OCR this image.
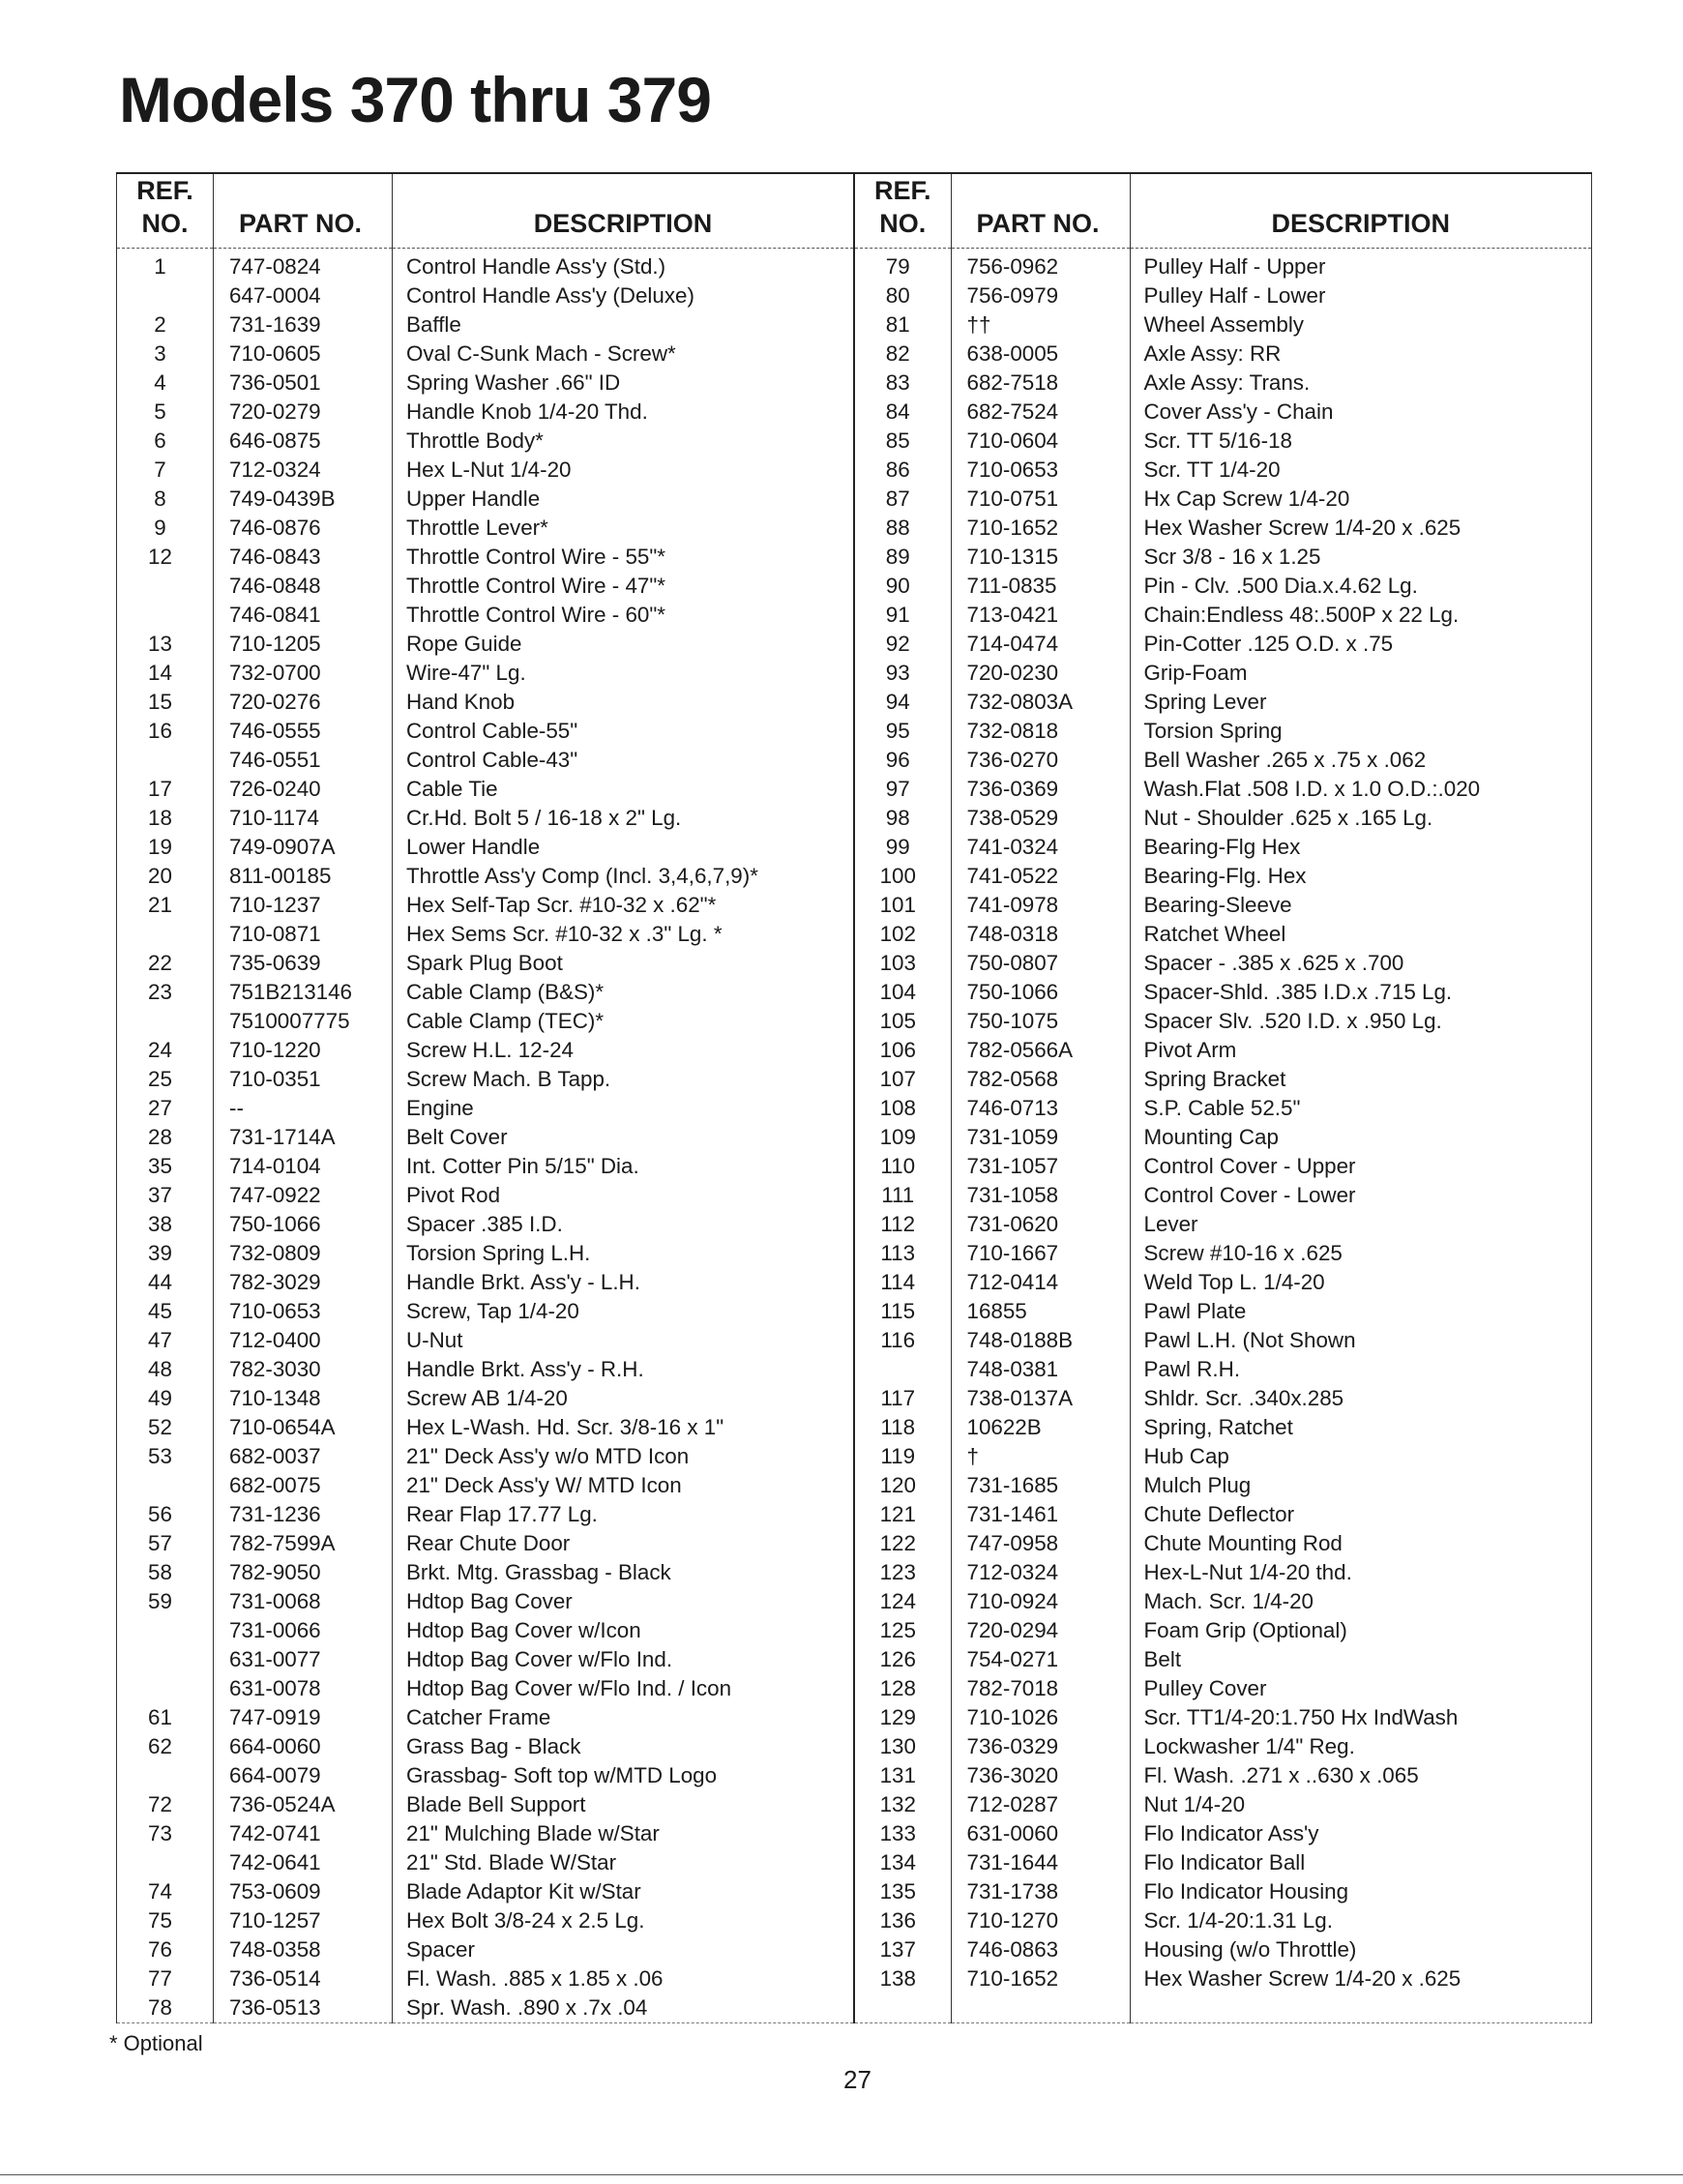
Models 370 thru 379
REF.
NO.	PART NO.	DESCRIPTION
1	747-0824	Control Handle Ass'y (Std.)
	647-0004	Control Handle Ass'y (Deluxe)
2	731-1639	Baffle
3	710-0605	Oval C-Sunk Mach - Screw*
4	736-0501	Spring Washer .66" ID
5	720-0279	Handle Knob 1/4-20 Thd.
6	646-0875	Throttle Body*
7	712-0324	Hex L-Nut 1/4-20
8	749-0439B	Upper Handle
9	746-0876	Throttle Lever*
12	746-0843	Throttle Control Wire - 55"*
	746-0848	Throttle Control Wire - 47"*
	746-0841	Throttle Control Wire - 60"*
13	710-1205	Rope Guide
14	732-0700	Wire-47" Lg.
15	720-0276	Hand Knob
16	746-0555	Control Cable-55"
	746-0551	Control Cable-43"
17	726-0240	Cable Tie
18	710-1174	Cr.Hd. Bolt 5 / 16-18 x 2" Lg.
19	749-0907A	Lower Handle
20	811-00185	Throttle Ass'y Comp (Incl. 3,4,6,7,9)*
21	710-1237	Hex Self-Tap Scr. #10-32 x .62"*
	710-0871	Hex Sems Scr. #10-32 x .3" Lg. *
22	735-0639	Spark Plug Boot
23	751B213146	Cable Clamp (B&S)*
	7510007775	Cable Clamp (TEC)*
24	710-1220	Screw H.L. 12-24
25	710-0351	Screw Mach. B Tapp.
27	--	Engine
28	731-1714A	Belt Cover
35	714-0104	Int. Cotter Pin 5/15" Dia.
37	747-0922	Pivot Rod
38	750-1066	Spacer .385 I.D.
39	732-0809	Torsion Spring L.H.
44	782-3029	Handle Brkt. Ass'y - L.H.
45	710-0653	Screw, Tap 1/4-20
47	712-0400	U-Nut
48	782-3030	Handle Brkt. Ass'y - R.H.
49	710-1348	Screw AB 1/4-20
52	710-0654A	Hex L-Wash. Hd. Scr. 3/8-16 x 1"
53	682-0037	21" Deck Ass'y w/o MTD Icon
	682-0075	21" Deck Ass'y W/ MTD Icon
56	731-1236	Rear Flap 17.77 Lg.
57	782-7599A	Rear Chute Door
58	782-9050	Brkt. Mtg. Grassbag - Black
59	731-0068	Hdtop Bag Cover
	731-0066	Hdtop Bag Cover w/Icon
	631-0077	Hdtop Bag Cover w/Flo Ind.
	631-0078	Hdtop Bag Cover w/Flo Ind. / Icon
61	747-0919	Catcher Frame
62	664-0060	Grass Bag - Black
	664-0079	Grassbag- Soft top w/MTD Logo
72	736-0524A	Blade Bell Support
73	742-0741	21" Mulching Blade w/Star
	742-0641	21" Std. Blade W/Star
74	753-0609	Blade Adaptor Kit w/Star
75	710-1257	Hex Bolt 3/8-24 x 2.5 Lg.
76	748-0358	Spacer
77	736-0514	Fl. Wash. .885 x 1.85 x .06
78	736-0513	Spr. Wash. .890 x .7x .04
REF.
NO.	PART NO.	DESCRIPTION
79	756-0962	Pulley Half - Upper
80	756-0979	Pulley Half - Lower
81	††	Wheel Assembly
82	638-0005	Axle Assy: RR
83	682-7518	Axle Assy: Trans.
84	682-7524	Cover Ass'y - Chain
85	710-0604	Scr. TT 5/16-18
86	710-0653	Scr. TT 1/4-20
87	710-0751	Hx Cap Screw 1/4-20
88	710-1652	Hex Washer Screw 1/4-20 x .625
89	710-1315	Scr 3/8 - 16 x 1.25
90	711-0835	Pin - Clv. .500 Dia.x.4.62 Lg.
91	713-0421	Chain:Endless 48:.500P x 22 Lg.
92	714-0474	Pin-Cotter .125 O.D. x .75
93	720-0230	Grip-Foam
94	732-0803A	Spring Lever
95	732-0818	Torsion Spring
96	736-0270	Bell Washer .265 x .75 x .062
97	736-0369	Wash.Flat .508 I.D. x 1.0 O.D.:.020
98	738-0529	Nut - Shoulder .625 x .165 Lg.
99	741-0324	Bearing-Flg Hex
100	741-0522	Bearing-Flg. Hex
101	741-0978	Bearing-Sleeve
102	748-0318	Ratchet Wheel
103	750-0807	Spacer - .385 x .625 x .700
104	750-1066	Spacer-Shld. .385 I.D.x .715 Lg.
105	750-1075	Spacer Slv. .520 I.D. x .950 Lg.
106	782-0566A	Pivot Arm
107	782-0568	Spring Bracket
108	746-0713	S.P. Cable 52.5"
109	731-1059	Mounting Cap
110	731-1057	Control Cover - Upper
111	731-1058	Control Cover - Lower
112	731-0620	Lever
113	710-1667	Screw #10-16 x .625
114	712-0414	Weld Top L. 1/4-20
115	16855	Pawl Plate
116	748-0188B	Pawl L.H. (Not Shown
	748-0381	Pawl R.H.
117	738-0137A	Shldr. Scr. .340x.285
118	10622B	Spring, Ratchet
119	†	Hub Cap
120	731-1685	Mulch Plug
121	731-1461	Chute Deflector
122	747-0958	Chute Mounting Rod
123	712-0324	Hex-L-Nut 1/4-20 thd.
124	710-0924	Mach. Scr. 1/4-20
125	720-0294	Foam Grip (Optional)
126	754-0271	Belt
128	782-7018	Pulley Cover
129	710-1026	Scr. TT1/4-20:1.750 Hx IndWash
130	736-0329	Lockwasher 1/4" Reg.
131	736-3020	Fl. Wash. .271 x ..630 x .065
132	712-0287	Nut 1/4-20
133	631-0060	Flo Indicator Ass'y
134	731-1644	Flo Indicator Ball
135	731-1738	Flo Indicator Housing
136	710-1270	Scr. 1/4-20:1.31 Lg.
137	746-0863	Housing (w/o Throttle)
138	710-1652	Hex Washer Screw 1/4-20 x .625

* Optional
27
